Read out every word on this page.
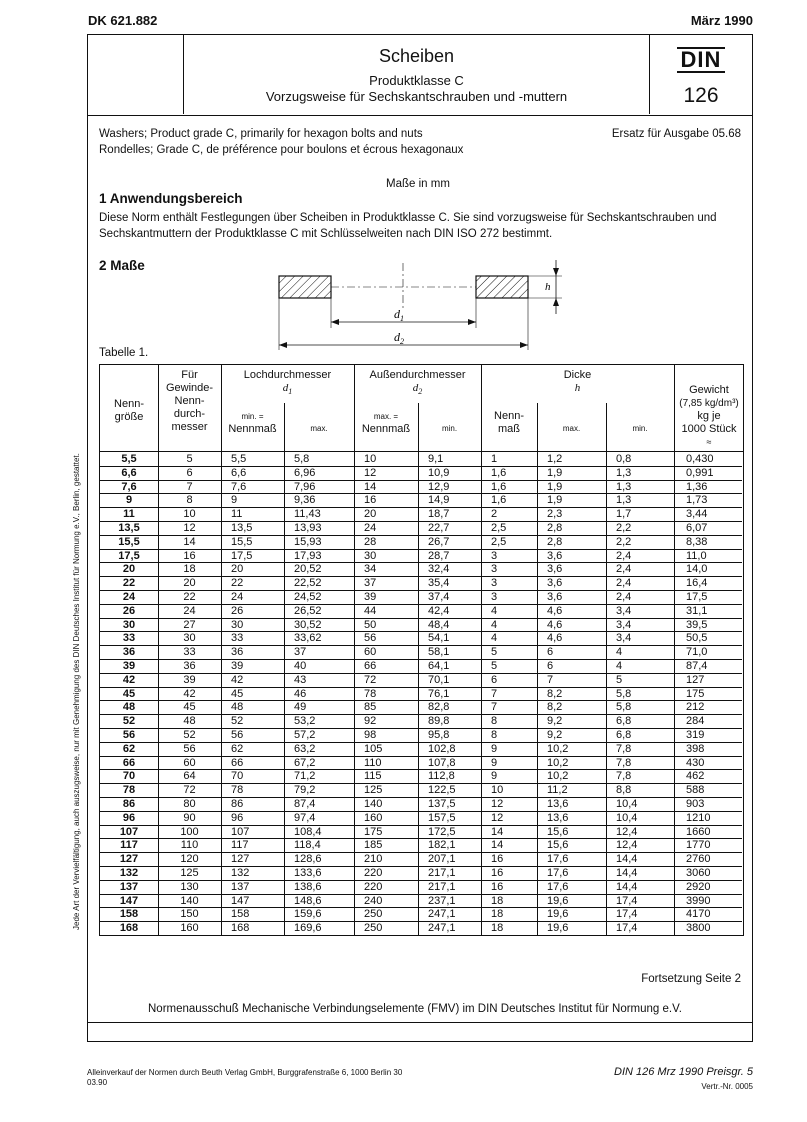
DK 621.882	März 1990
Scheiben
Produktklasse C
Vorzugsweise für Sechskantschrauben und -muttern
DIN
126
Washers; Product grade C, primarily for hexagon bolts and nuts
Rondelles; Grade C, de préférence pour boulons et écrous hexagonaux
Ersatz für Ausgabe 05.68
Maße in mm
1 Anwendungsbereich
Diese Norm enthält Festlegungen über Scheiben in Produktklasse C. Sie sind vorzugsweise für Sechskantschrauben und
Sechskantmuttern der Produktklasse C mit Schlüsselweiten nach DIN ISO 272 bestimmt.
2 Maße
h
$d_1$
$d_2$
Tabelle 1.
Nenn-
größe
Für
Gewinde-
Nenn-
durch-
messer
Lochdurchmesser
$d_1$
min. =
Nennmaß	max.
Außendurchmesser
$d_2$
max. =
Nennmaß	min.
Dicke
h
Nenn-
maß	max.	min.
Gewicht
(7,85 kg/dm³)
kg je
1000 Stück
≈
5,5	5	5,5	5,8	10	9,1	1	1,2	0,8	0,430
6,6	6	6,6	6,96	12	10,9	1,6	1,9	1,3	0,991
7,6	7	7,6	7,96	14	12,9	1,6	1,9	1,3	1,36
9	8	9	9,36	16	14,9	1,6	1,9	1,3	1,73
11	10	11	11,43	20	18,7	2	2,3	1,7	3,44
13,5	12	13,5	13,93	24	22,7	2,5	2,8	2,2	6,07
15,5	14	15,5	15,93	28	26,7	2,5	2,8	2,2	8,38
17,5	16	17,5	17,93	30	28,7	3	3,6	2,4	11,0
20	18	20	20,52	34	32,4	3	3,6	2,4	14,0
22	20	22	22,52	37	35,4	3	3,6	2,4	16,4
24	22	24	24,52	39	37,4	3	3,6	2,4	17,5
26	24	26	26,52	44	42,4	4	4,6	3,4	31,1
30	27	30	30,52	50	48,4	4	4,6	3,4	39,5
33	30	33	33,62	56	54,1	4	4,6	3,4	50,5
36	33	36	37	60	58,1	5	6	4	71,0
39	36	39	40	66	64,1	5	6	4	87,4
42	39	42	43	72	70,1	6	7	5	127
45	42	45	46	78	76,1	7	8,2	5,8	175
48	45	48	49	85	82,8	7	8,2	5,8	212
52	48	52	53,2	92	89,8	8	9,2	6,8	284
56	52	56	57,2	98	95,8	8	9,2	6,8	319
62	56	62	63,2	105	102,8	9	10,2	7,8	398
66	60	66	67,2	110	107,8	9	10,2	7,8	430
70	64	70	71,2	115	112,8	9	10,2	7,8	462
78	72	78	79,2	125	122,5	10	11,2	8,8	588
86	80	86	87,4	140	137,5	12	13,6	10,4	903
96	90	96	97,4	160	157,5	12	13,6	10,4	1210
107	100	107	108,4	175	172,5	14	15,6	12,4	1660
117	110	117	118,4	185	182,1	14	15,6	12,4	1770
127	120	127	128,6	210	207,1	16	17,6	14,4	2760
132	125	132	133,6	220	217,1	16	17,6	14,4	3060
137	130	137	138,6	220	217,1	16	17,6	14,4	2920
147	140	147	148,6	240	237,1	18	19,6	17,4	3990
158	150	158	159,6	250	247,1	18	19,6	17,4	4170
168	160	168	169,6	250	247,1	18	19,6	17,4	3800
Fortsetzung Seite 2
Normenausschuß Mechanische Verbindungselemente (FMV) im DIN Deutsches Institut für Normung e.V.
Alleinverkauf der Normen durch Beuth Verlag GmbH, Burggrafenstraße 6, 1000 Berlin 30
03.90
DIN 126 Mrz 1990 Preisgr. 5
Vertr.-Nr. 0005
Jede Art der Vervielfältigung, auch auszugsweise, nur mit Genehmigung des DIN Deutsches Institut für Normung e.V., Berlin, gestattet.
